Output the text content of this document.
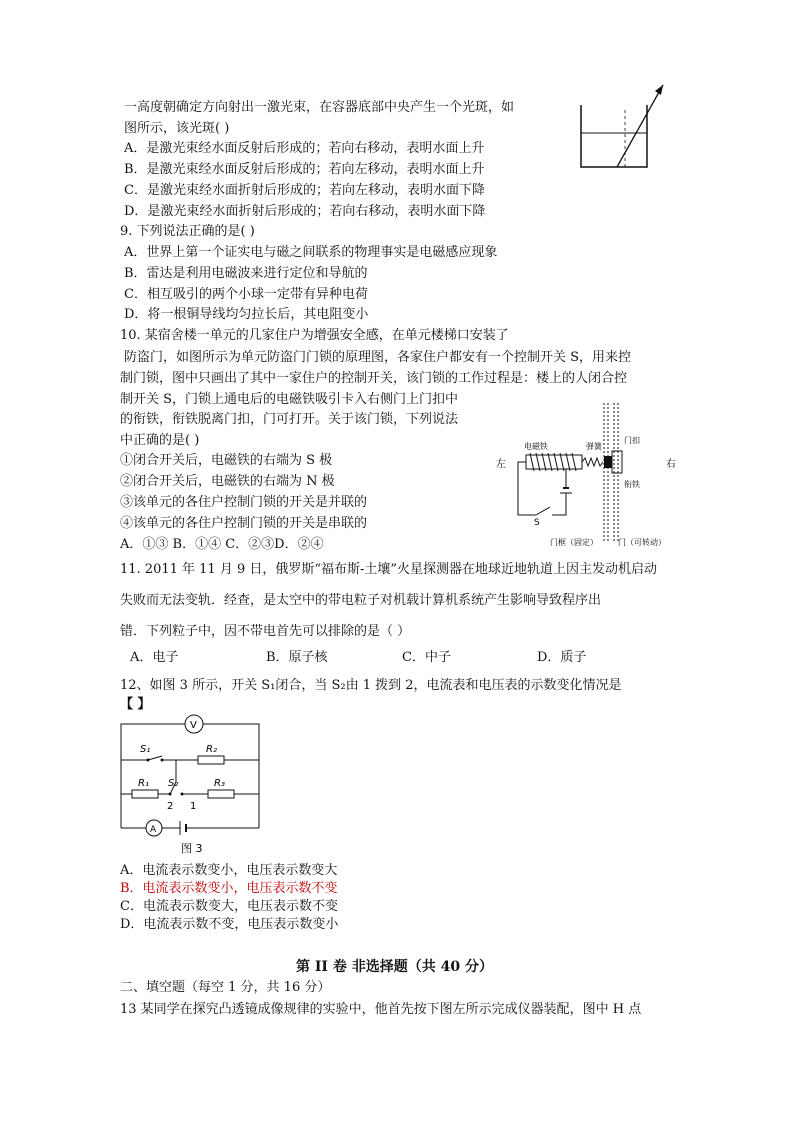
一高度朝确定方向射出一激光束，在容器底部中央产生一个光斑，如
图所示，该光斑( )
A．是激光束经水面反射后形成的；若向右移动，表明水面上升
B．是激光束经水面反射后形成的；若向左移动，表明水面上升
C．是激光束经水面折射后形成的；若向左移动，表明水面下降
D．是激光束经水面折射后形成的；若向右移动，表明水面下降
9. 下列说法正确的是( )
A．世界上第一个证实电与磁之间联系的物理事实是电磁感应现象
B．雷达是利用电磁波来进行定位和导航的
C．相互吸引的两个小球一定带有异种电荷
D．将一根铜导线均匀拉长后，其电阻变小
10. 某宿舍楼一单元的几家住户为增强安全感，在单元楼梯口安装了
防盗门，如图所示为单元防盗门门锁的原理图，各家住户都安有一个控制开关 S，用来控
制门锁，图中只画出了其中一家住户的控制开关，该门锁的工作过程是：楼上的人闭合控
制开关 S，门锁上通电后的电磁铁吸引卡入右侧门上门扣中
的衔铁，衔铁脱离门扣，门可打开。关于该门锁，下列说法
中正确的是( )
①闭合开关后，电磁铁的右端为 S 极
②闭合开关后，电磁铁的右端为 N 极
③该单元的各住户控制门锁的开关是并联的
④该单元的各住户控制门锁的开关是串联的
A．①③ B．①④ C．②③D．②④
左	右
电磁铁	弹簧
门扣
衔铁
S
门框（固定）	门（可转动）
11. 2011 年 11 月 9 日，俄罗斯“福布斯-土壤”火星探测器在地球近地轨道上因主发动机启动
失败而无法变轨．经查，是太空中的带电粒子对机载计算机系统产生影响导致程序出
错．下列粒子中，因不带电首先可以排除的是（ ）
A．电子	B．原子核	C．中子	D．质子
12、如图 3 所示，开关 S₁闭合，当 S₂由 1 拨到 2，电流表和电压表的示数变化情况是
【 】
V
S₁	R₂
R₁ S₂	R₃
2 1
A
图 3
A．电流表示数变小，电压表示数变大
B．电流表示数变小，电压表示数不变
C．电流表示数变大，电压表示数不变
D．电流表示数不变，电压表示数变小
第 II 卷 非选择题（共 40 分）
二、填空题（每空 1 分，共 16 分）
13 某同学在探究凸透镜成像规律的实验中，他首先按下图左所示完成仪器装配，图中 H 点
